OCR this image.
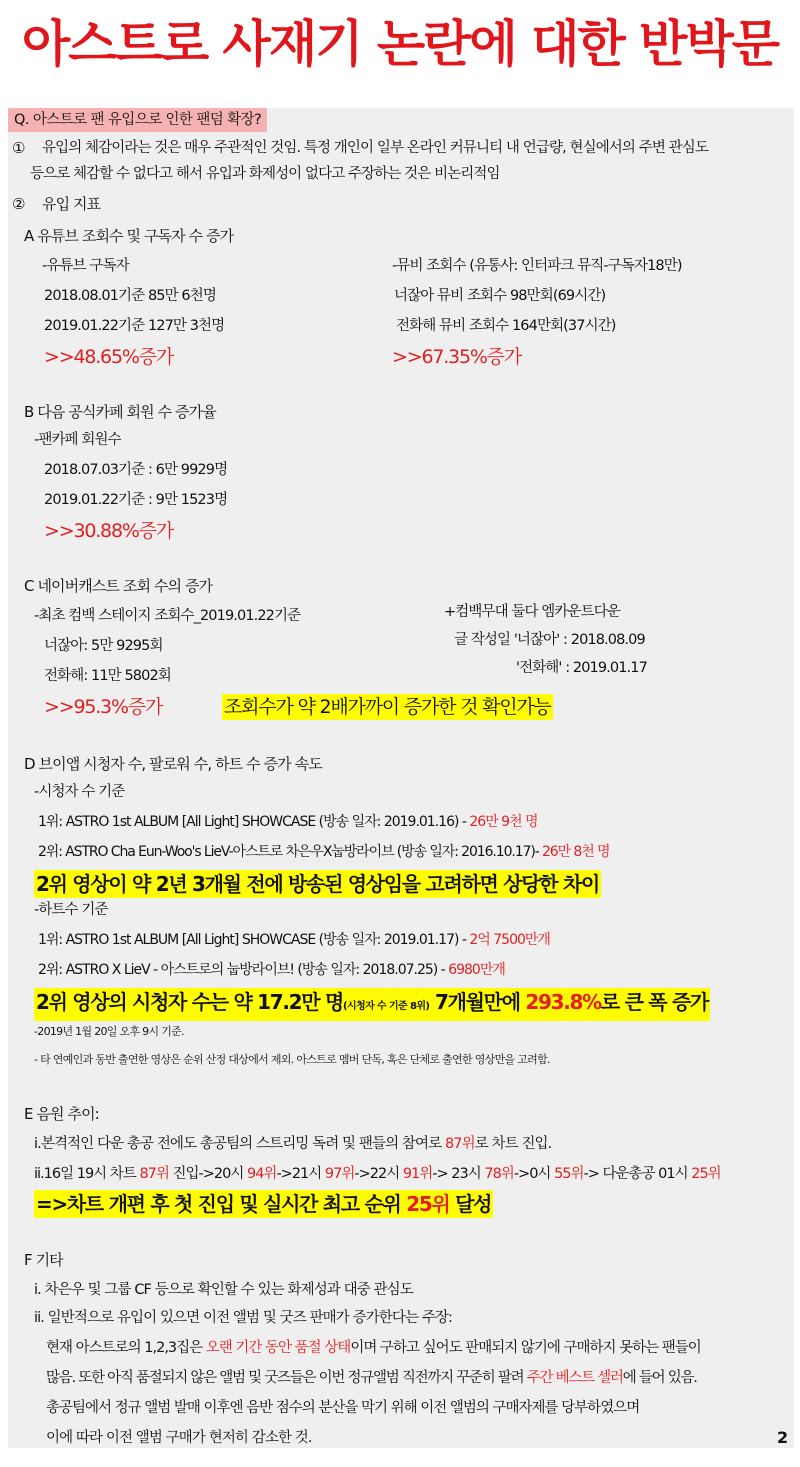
아스트로 사재기 논란에 대한 반박문
Q. 아스트로 팬 유입으로 인한 팬덤 확장?
① 유입의 체감이라는 것은 매우 주관적인 것임. 특정 개인이 일부 온라인 커뮤니티 내 언급량, 현실에서의 주변 관심도
등으로 체감할 수 없다고 해서 유입과 화제성이 없다고 주장하는 것은 비논리적임
② 유입 지표
A 유튜브 조회수 및 구독자 수 증가
-유튜브 구독자
2018.08.01기준 85만 6천명
2019.01.22기준 127만 3천명
>>48.65%증가
-뮤비 조회수 (유통사: 인터파크 뮤직-구독자18만)
너잖아 뮤비 조회수 98만회(69시간)
전화해 뮤비 조회수 164만회(37시간)
>>67.35%증가
B 다음 공식카페 회원 수 증가율
-팬카페 회원수
2018.07.03기준 : 6만 9929명
2019.01.22기준 : 9만 1523명
>>30.88%증가
C 네이버캐스트 조회 수의 증가
-최초 컴백 스테이지 조회수_2019.01.22기준
너잖아: 5만 9295회
전화해: 11만 5802회
>>95.3%증가	조회수가 약 2배가까이 증가한 것 확인가능
+컴백무대 둘다 엠카운트다운
글 작성일 '너잖아' : 2018.08.09
'전화해' : 2019.01.17
D 브이앱 시청자 수, 팔로워 수, 하트 수 증가 속도
-시청자 수 기준
1위: ASTRO 1st ALBUM [All Light] SHOWCASE (방송 일자: 2019.01.16) - 26만 9천 명
2위: ASTRO Cha Eun-Woo's LieV-아스트로 차은우X눕방라이브 (방송 일자: 2016.10.17)- 26만 8천 명
2위 영상이 약 2년 3개월 전에 방송된 영상임을 고려하면 상당한 차이
-하트수 기준
1위: ASTRO 1st ALBUM [All Light] SHOWCASE (방송 일자: 2019.01.17) - 2억 7500만개
2위: ASTRO X LieV - 아스트로의 눕방라이브! (방송 일자: 2018.07.25) - 6980만개
2위 영상의 시청자 수는 약 17.2만 명(시청자 수 기준 8위) 7개월만에 293.8%로 큰 폭 증가
-2019년 1월 20일 오후 9시 기준.
- 타 연예인과 동반 출연한 영상은 순위 산정 대상에서 제외. 아스트로 멤버 단독, 혹은 단체로 출연한 영상만을 고려함.
E 음원 추이:
i.본격적인 다운 총공 전에도 총공팀의 스트리밍 독려 및 팬들의 참여로 87위로 차트 진입.
ii.16일 19시 차트 87위 진입->20시 94위->21시 97위->22시 91위-> 23시 78위->0시 55위-> 다운총공 01시 25위
=>차트 개편 후 첫 진입 및 실시간 최고 순위 25위 달성
F 기타
i. 차은우 및 그룹 CF 등으로 확인할 수 있는 화제성과 대중 관심도
ii. 일반적으로 유입이 있으면 이전 앨범 및 굿즈 판매가 증가한다는 주장:
현재 아스트로의 1,2,3집은 오랜 기간 동안 품절 상태이며 구하고 싶어도 판매되지 않기에 구매하지 못하는 팬들이
많음. 또한 아직 품절되지 않은 앨범 및 굿즈들은 이번 정규앨범 직전까지 꾸준히 팔려 주간 베스트 셀러에 들어 있음.
총공팀에서 정규 앨범 발매 이후엔 음반 점수의 분산을 막기 위해 이전 앨범의 구매자제를 당부하였으며
이에 따라 이전 앨범 구매가 현저히 감소한 것.	2
